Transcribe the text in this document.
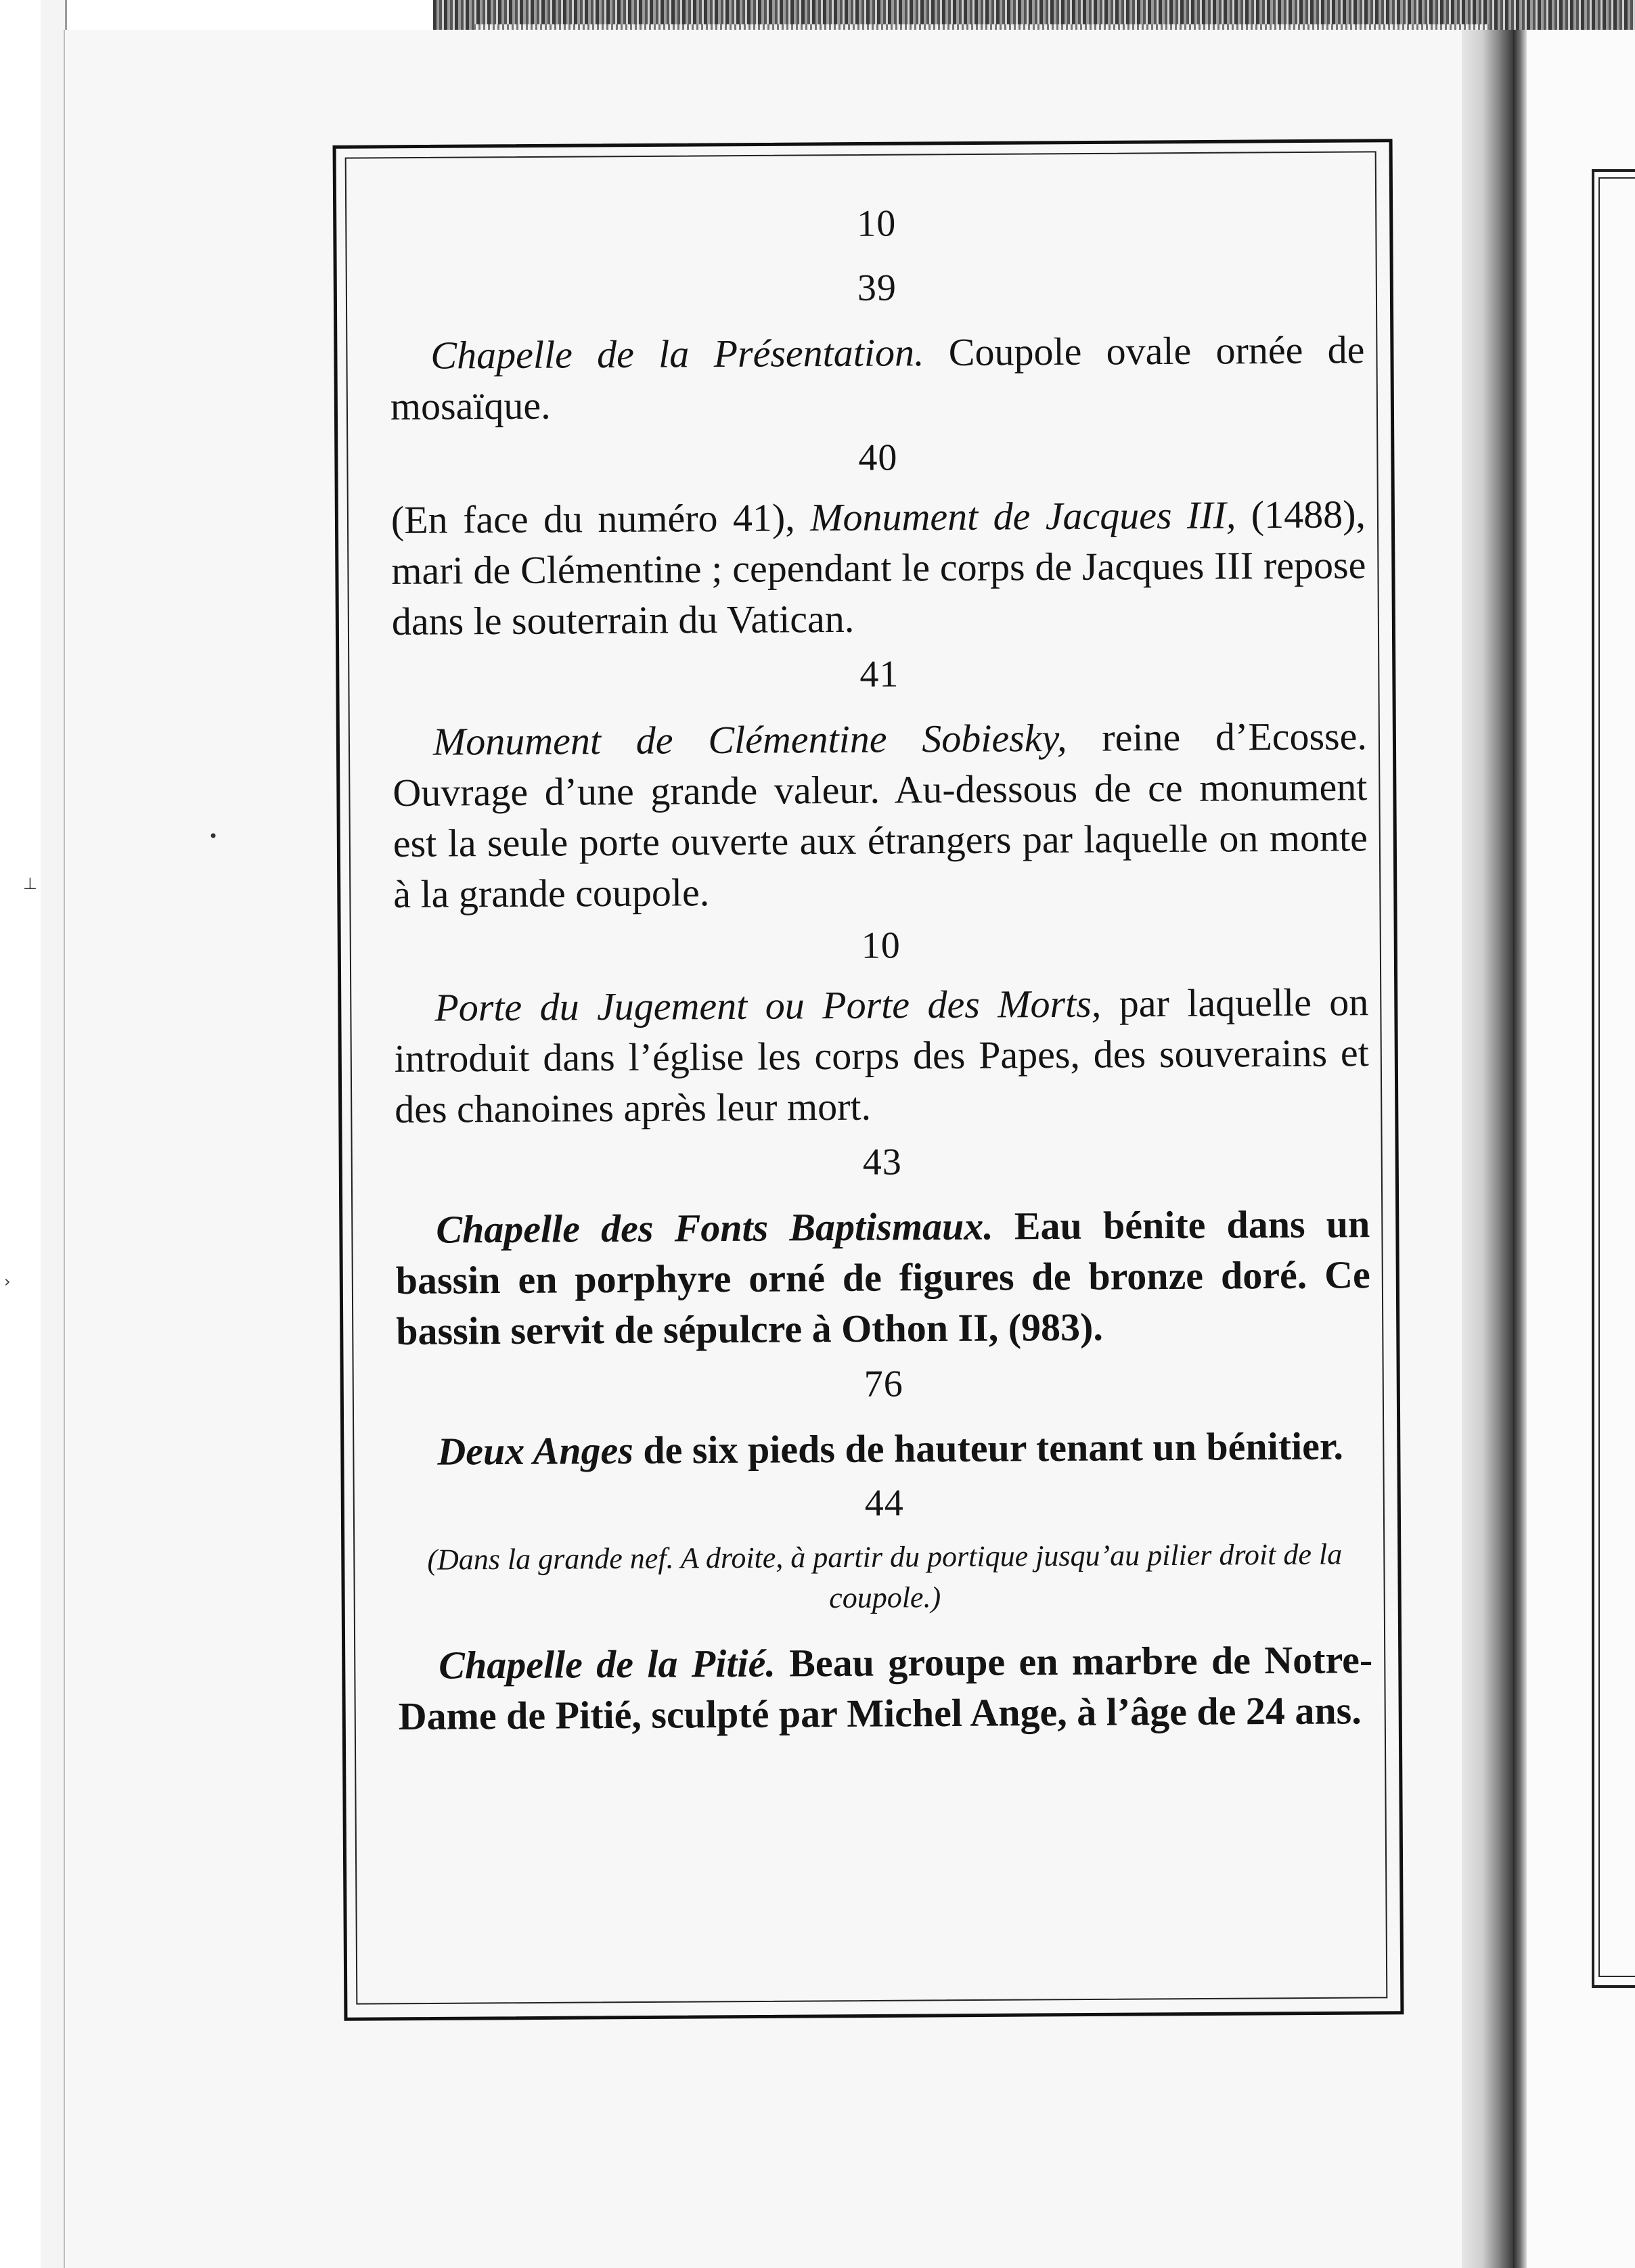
•
⊥
›
10
39

Chapelle de la Présentation. Coupole ovale ornée de mosaïque.

40

(En face du numéro 41), Monument de Jacques III, (1488), mari de Clémentine ; cependant le corps de Jacques III repose dans le souterrain du Vatican.

41

Monument de Clémentine Sobiesky, reine d’Ecosse. Ouvrage d’une grande valeur. Au-dessous de ce monument est la seule porte ouverte aux étrangers par laquelle on monte à la grande coupole.

10

Porte du Jugement ou Porte des Morts, par laquelle on introduit dans l’église les corps des Papes, des souverains et des chanoines après leur mort.

43

Chapelle des Fonts Baptismaux. Eau bénite dans un bassin en porphyre orné de figures de bronze doré. Ce bassin servit de sépulcre à Othon II, (983).

76

Deux Anges de six pieds de hauteur tenant un bénitier.

44

(Dans la grande nef. A droite, à partir du portique jusqu’au pilier droit de la coupole.)

Chapelle de la Pitié. Beau groupe en marbre de Notre-Dame de Pitié, sculpté par Michel Ange, à l’âge de 24 ans.
